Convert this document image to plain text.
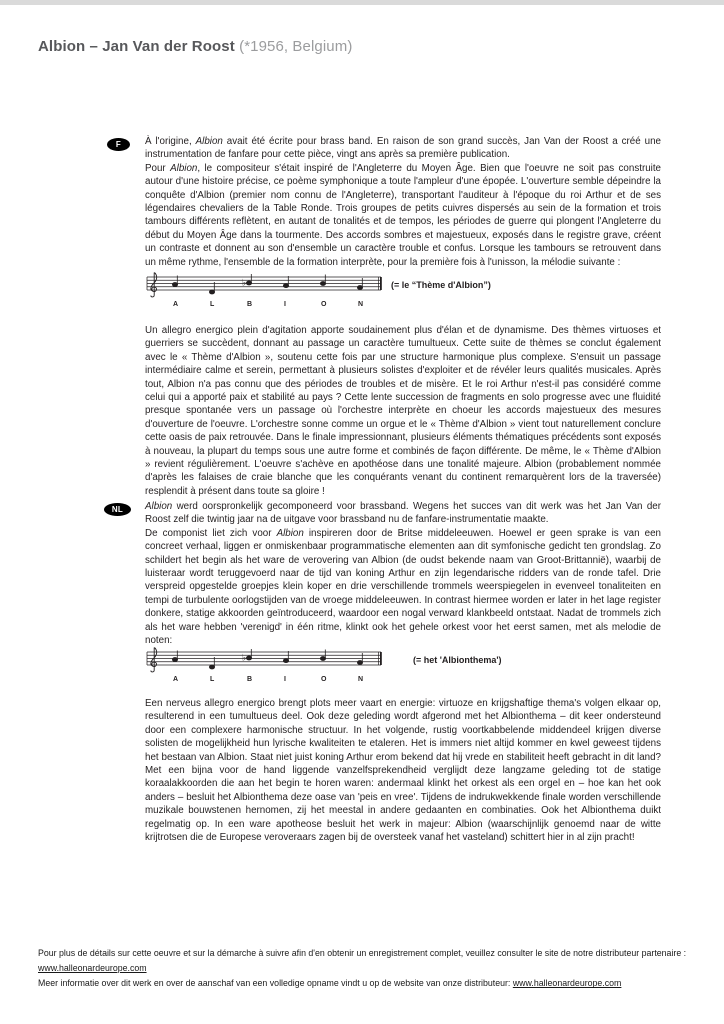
Albion – Jan Van der Roost (*1956, Belgium)
F	À l'origine, Albion avait été écrite pour brass band. En raison de son grand succès, Jan Van der Roost a créé une instrumentation de fanfare pour cette pièce, vingt ans après sa première publication.

Pour Albion, le compositeur s'était inspiré de l'Angleterre du Moyen Âge. Bien que l'oeuvre ne soit pas construite autour d'une histoire précise, ce poème symphonique a toute l'ampleur d'une épopée. L'ouverture semble dépeindre la conquête d'Albion (premier nom connu de l'Angleterre), transportant l'auditeur à l'époque du roi Arthur et de ses légendaires chevaliers de la Table Ronde. Trois groupes de petits cuivres dispersés au sein de la formation et trois tambours différents reflètent, en autant de tonalités et de tempos, les périodes de guerre qui plongent l'Angleterre du début du Moyen Âge dans la tourmente. Des accords sombres et majestueux, exposés dans le registre grave, créent un contraste et donnent au son d'ensemble un caractère trouble et confus. Lorsque les tambours se retrouvent dans un même rythme, l'ensemble de la formation interprète, pour la première fois à l'unisson, la mélodie suivante :

♭
A	L	B	I	O	N
(= le “Thème d'Albion”)

Un allegro energico plein d'agitation apporte soudainement plus d'élan et de dynamisme. Des thèmes virtuoses et guerriers se succèdent, donnant au passage un caractère tumultueux. Cette suite de thèmes se conclut également avec le « Thème d'Albion », soutenu cette fois par une structure harmonique plus complexe. S'ensuit un passage intermédiaire calme et serein, permettant à plusieurs solistes d'exploiter et de révéler leurs qualités musicales. Après tout, Albion n'a pas connu que des périodes de troubles et de misère. Et le roi Arthur n'est-il pas considéré comme celui qui a apporté paix et stabilité au pays ? Cette lente succession de fragments en solo progresse avec une fluidité presque spontanée vers un passage où l'orchestre interprète en choeur les accords majestueux des mesures d'ouverture de l'oeuvre. L'orchestre sonne comme un orgue et le « Thème d'Albion » vient tout naturellement conclure cette oasis de paix retrouvée. Dans le finale impressionnant, plusieurs éléments thématiques précédents sont exposés à nouveau, la plupart du temps sous une autre forme et combinés de façon différente. De même, le « Thème d'Albion » revient régulièrement. L'oeuvre s'achève en apothéose dans une tonalité majeure. Albion (probablement nommée d'après les falaises de craie blanche que les conquérants venant du continent remarquèrent lors de la traversée) resplendit à présent dans toute sa gloire !

NL	Albion werd oorspronkelijk gecomponeerd voor brassband. Wegens het succes van dit werk was het Jan Van der Roost zelf die twintig jaar na de uitgave voor brassband nu de fanfare-instrumentatie maakte.

De componist liet zich voor Albion inspireren door de Britse middeleeuwen. Hoewel er geen sprake is van een concreet verhaal, liggen er onmiskenbaar programmatische elementen aan dit symfonische gedicht ten grondslag. Zo schildert het begin als het ware de verovering van Albion (de oudst bekende naam van Groot-Brittannië), waarbij de luisteraar wordt teruggevoerd naar de tijd van koning Arthur en zijn legendarische ridders van de ronde tafel. Drie verspreid opgestelde groepjes klein koper en drie verschillende trommels weerspiegelen in evenveel tonaliteiten en tempi de turbulente oorlogstijden van de vroege middeleeuwen. In contrast hiermee worden er later in het lage register donkere, statige akkoorden geïntroduceerd, waardoor een nogal verward klankbeeld ontstaat. Nadat de trommels zich als het ware hebben 'verenigd' in één ritme, klinkt ook het gehele orkest voor het eerst samen, met als melodie de noten:

♭
A	L	B	I	O	N
(= het 'Albionthema')

Een nerveus allegro energico brengt plots meer vaart en energie: virtuoze en krijgshaftige thema's volgen elkaar op, resulterend in een tumultueus deel. Ook deze geleding wordt afgerond met het Albionthema – dit keer ondersteund door een complexere harmonische structuur. In het volgende, rustig voortkabbelende middendeel krijgen diverse solisten de mogelijkheid hun lyrische kwaliteiten te etaleren. Het is immers niet altijd kommer en kwel geweest tijdens het bestaan van Albion. Staat niet juist koning Arthur erom bekend dat hij vrede en stabiliteit heeft gebracht in dit land? Met een bijna voor de hand liggende vanzelfsprekendheid verglijdt deze langzame geleding tot de statige koraalakkoorden die aan het begin te horen waren: andermaal klinkt het orkest als een orgel en – hoe kan het ook anders – besluit het Albionthema deze oase van 'peis en vree'. Tijdens de indrukwekkende finale worden verschillende muzikale bouwstenen hernomen, zij het meestal in andere gedaanten en combinaties. Ook het Albionthema duikt regelmatig op. In een ware apotheose besluit het werk in majeur: Albion (waarschijnlijk genoemd naar de witte krijtrotsen die de Europese veroveraars zagen bij de oversteek vanaf het vasteland) schittert hier in al zijn pracht!

Pour plus de détails sur cette oeuvre et sur la démarche à suivre afin d'en obtenir un enregistrement complet, veuillez consulter le site de notre distributeur partenaire : www.halleonardeurope.com

Meer informatie over dit werk en over de aanschaf van een volledige opname vindt u op de website van onze distributeur: www.halleonardeurope.com
